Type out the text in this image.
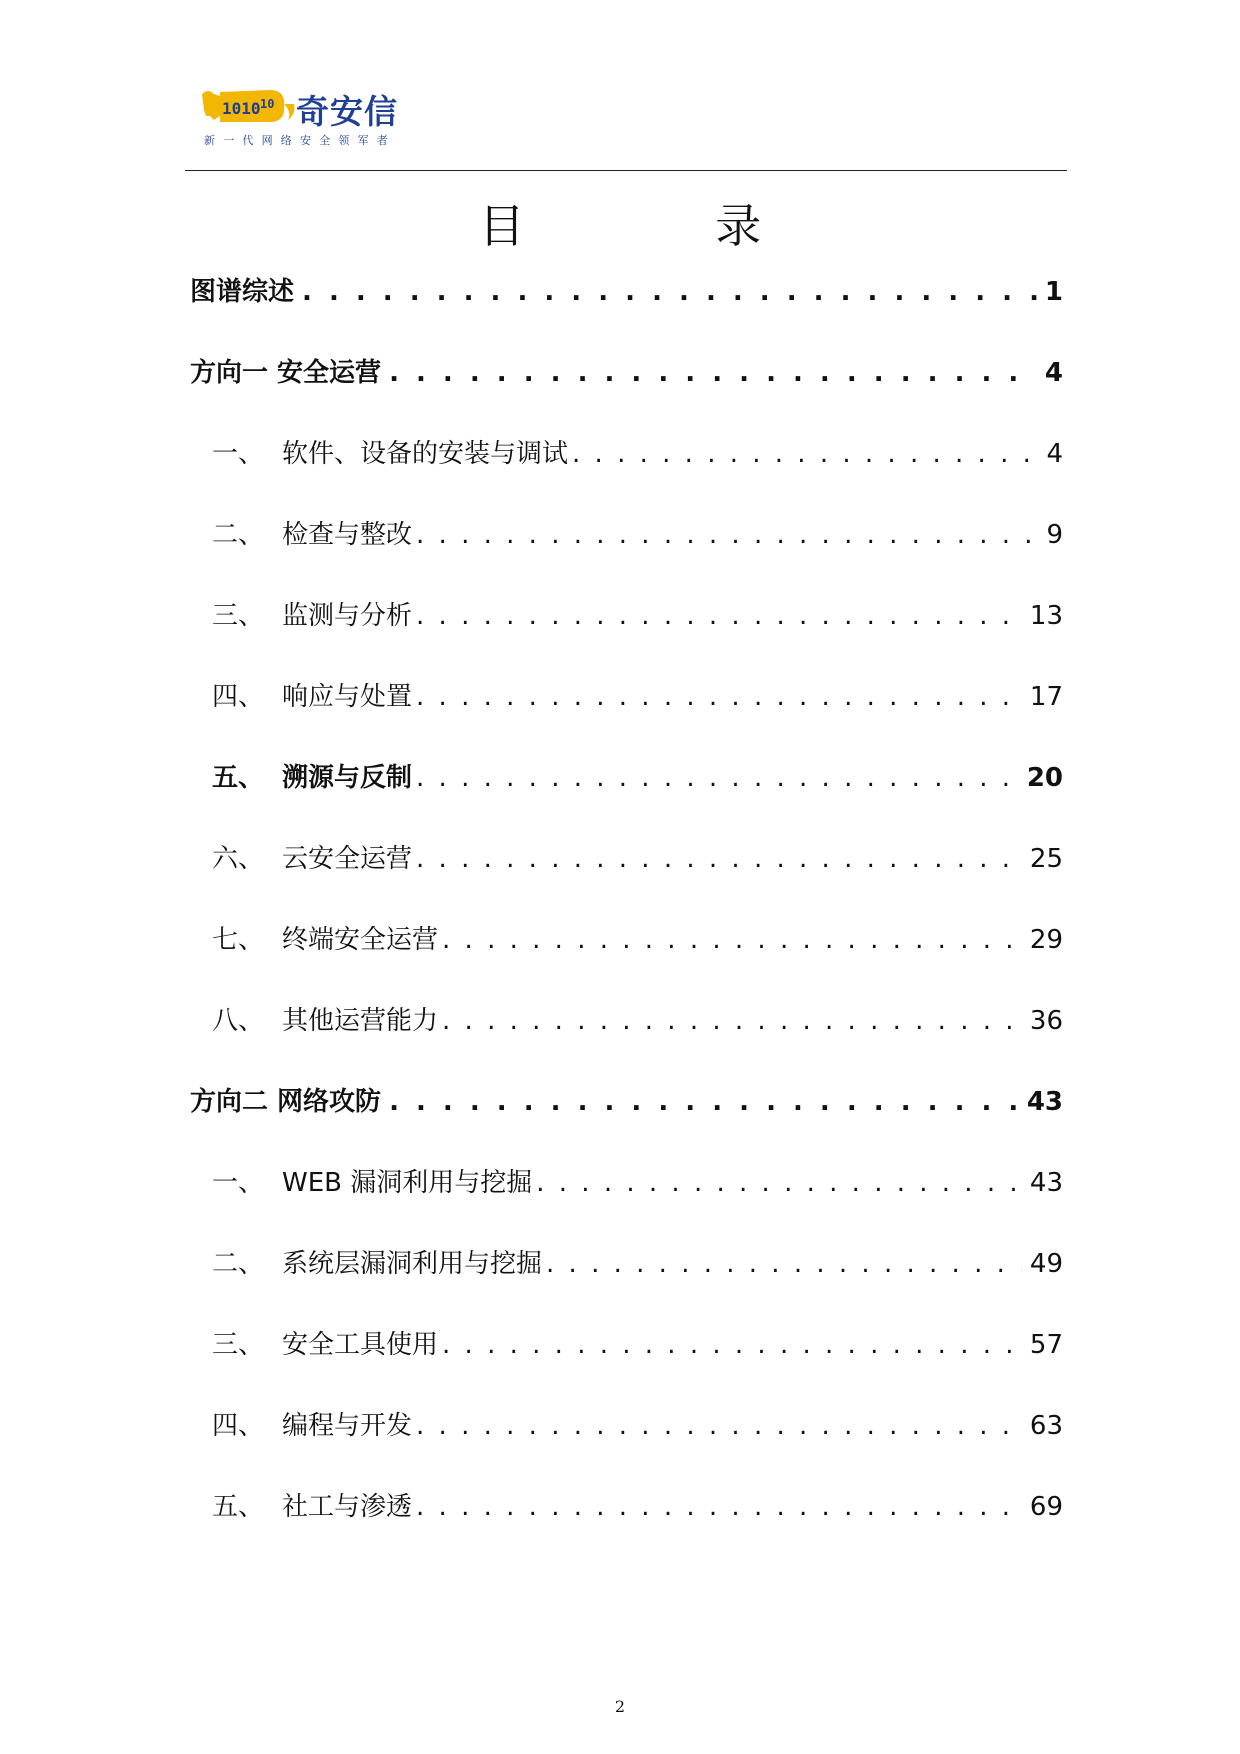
1010 10 奇安信
新一代网络安全领军者
目 录
图谱综述 . . .	1
方向一 安全运营 . . .	4
一、 软件、设备的安装与调试 . . .	4
二、 检查与整改 . . .	9
三、 监测与分析 . . .	13
四、 响应与处置 . . .	17
五、 溯源与反制 . . .	20
六、 云安全运营 . . .	25
七、 终端安全运营 . . .	29
八、 其他运营能力 . . .	36
方向二 网络攻防 . . .	43
一、 WEB 漏洞利用与挖掘 . . .	43
二、 系统层漏洞利用与挖掘 . . .	49
三、 安全工具使用 . . .	57
四、 编程与开发 . . .	63
五、 社工与渗透 . . .	69
2
